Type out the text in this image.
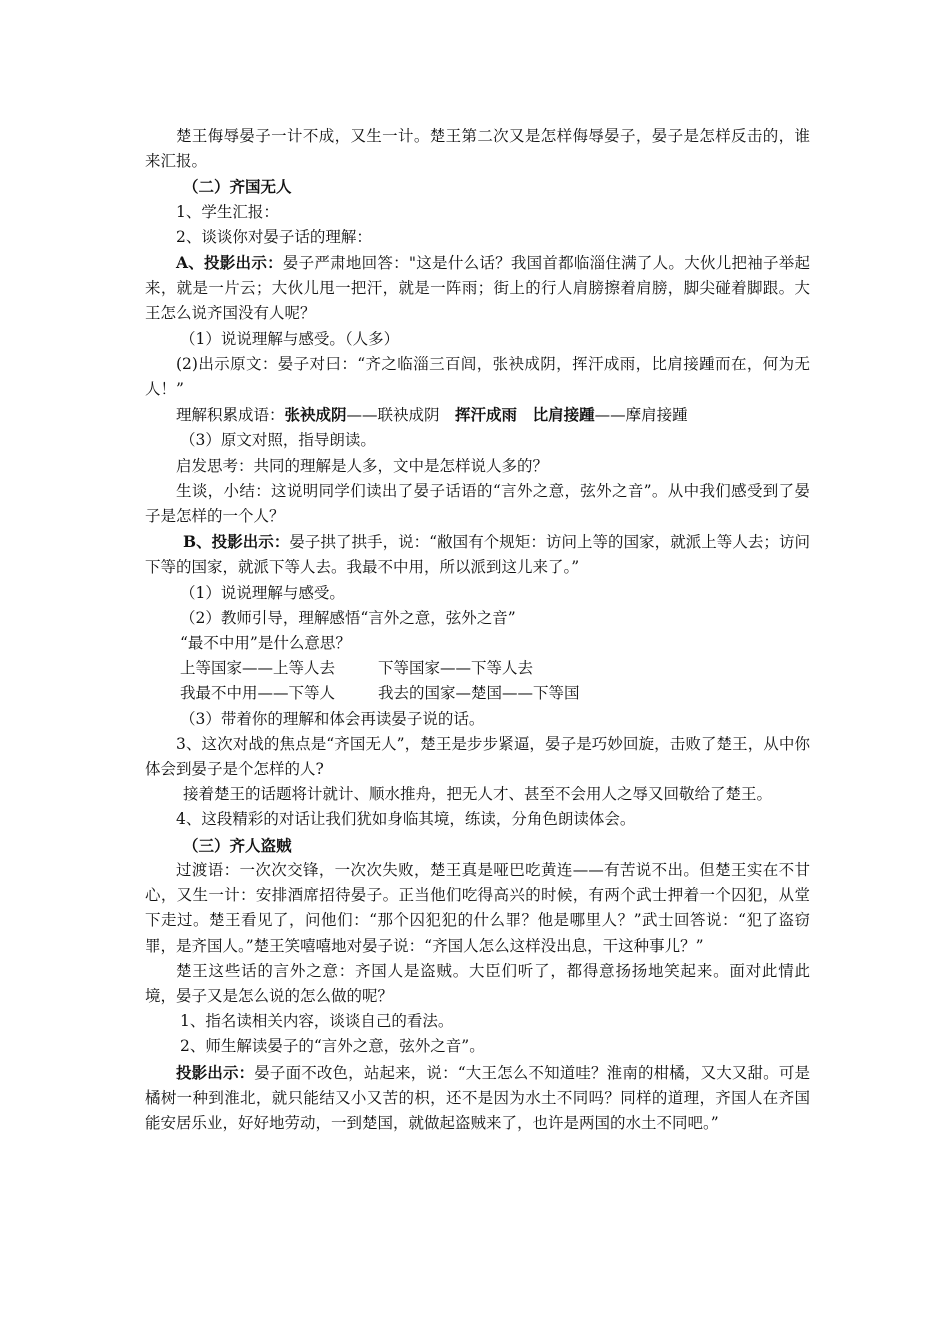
楚王侮辱晏子一计不成，又生一计。楚王第二次又是怎样侮辱晏子，晏子是怎样反击的，谁来汇报。

（二）齐国无人

1、学生汇报：

2、谈谈你对晏子话的理解：

A、投影出示：晏子严肃地回答："这是什么话？我国首都临淄住满了人。大伙儿把袖子举起来，就是一片云；大伙儿甩一把汗，就是一阵雨；街上的行人肩膀擦着肩膀，脚尖碰着脚跟。大王怎么说齐国没有人呢？

（1）说说理解与感受。（人多）

(2)出示原文：晏子对曰：“齐之临淄三百闾，张袂成阴，挥汗成雨，比肩接踵而在，何为无人！”

理解积累成语：张袂成阴——联袂成阴　挥汗成雨　 比肩接踵——摩肩接踵

（3）原文对照，指导朗读。

启发思考：共同的理解是人多，文中是怎样说人多的？

生谈，小结：这说明同学们读出了晏子话语的“言外之意，弦外之音”。从中我们感受到了晏子是怎样的一个人？

B、投影出示：晏子拱了拱手，说：“敝国有个规矩：访问上等的国家，就派上等人去；访问下等的国家，就派下等人去。我最不中用，所以派到这儿来了。”

（1）说说理解与感受。

（2）教师引导，理解感悟“言外之意，弦外之音”

“最不中用”是什么意思？

上等国家——上等人去	下等国家——下等人去

我最不中用——下等人	我去的国家—楚国——下等国

（3）带着你的理解和体会再读晏子说的话。

3、这次对战的焦点是“齐国无人”，楚王是步步紧逼，晏子是巧妙回旋，击败了楚王，从中你体会到晏子是个怎样的人?

接着楚王的话题将计就计、顺水推舟，把无人才、甚至不会用人之辱又回敬给了楚王。

4、这段精彩的对话让我们犹如身临其境，练读，分角色朗读体会。

（三）齐人盗贼

过渡语：一次次交锋，一次次失败，楚王真是哑巴吃黄连——有苦说不出。但楚王实在不甘心，又生一计：安排酒席招待晏子。正当他们吃得高兴的时候，有两个武士押着一个囚犯，从堂下走过。楚王看见了，问他们：“那个囚犯犯的什么罪？他是哪里人？”武士回答说：“犯了盗窃罪，是齐国人。”楚王笑嘻嘻地对晏子说：“齐国人怎么这样没出息，干这种事儿？”

楚王这些话的言外之意：齐国人是盗贼。大臣们听了，都得意扬扬地笑起来。面对此情此境，晏子又是怎么说的怎么做的呢？

1、指名读相关内容，谈谈自己的看法。

2、师生解读晏子的“言外之意，弦外之音”。

投影出示：晏子面不改色，站起来，说：“大王怎么不知道哇？淮南的柑橘，又大又甜。可是橘树一种到淮北，就只能结又小又苦的枳，还不是因为水土不同吗？同样的道理，齐国人在齐国能安居乐业，好好地劳动，一到楚国，就做起盗贼来了，也许是两国的水土不同吧。”
